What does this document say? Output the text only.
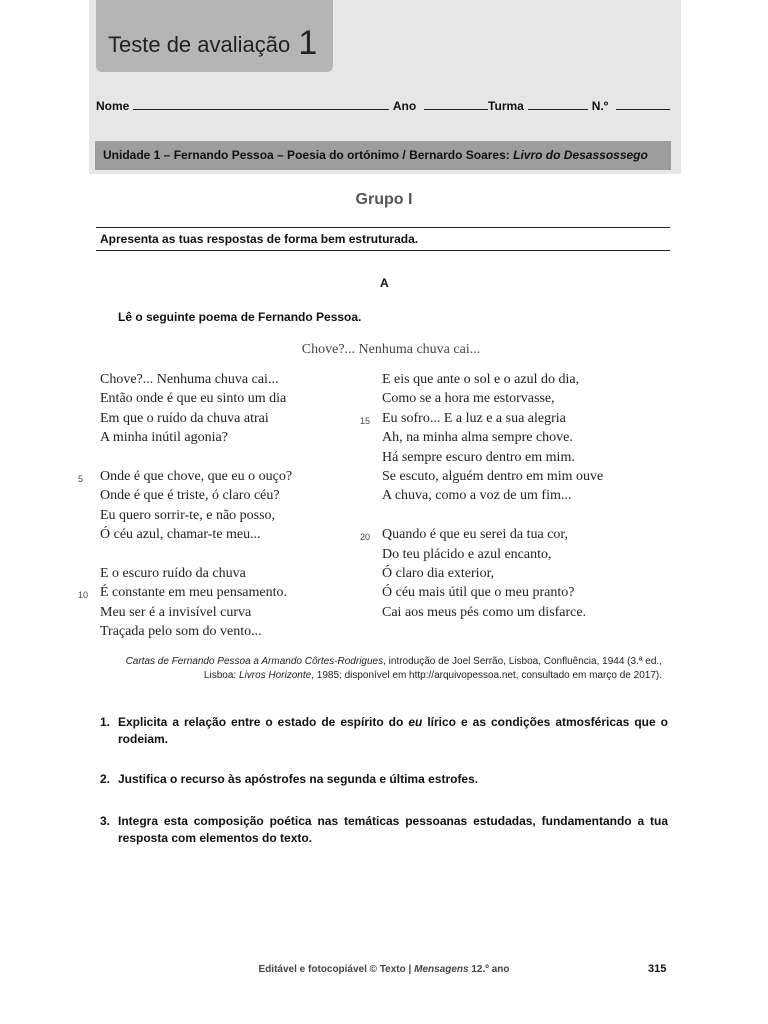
Teste de avaliação 1
Nome	Ano	Turma	N.º
Unidade 1 – Fernando Pessoa – Poesia do ortónimo / Bernardo Soares: Livro do Desassossego
Grupo I
Apresenta as tuas respostas de forma bem estruturada.
A
Lê o seguinte poema de Fernando Pessoa.
Chove?... Nenhuma chuva cai...
Chove?... Nenhuma chuva cai...
Então onde é que eu sinto um dia
Em que o ruído da chuva atrai
A minha inútil agonia?
Onde é que chove, que eu o ouço?
5
Onde é que é triste, ó claro céu?
Eu quero sorrir-te, e não posso,
Ó céu azul, chamar-te meu...
E o escuro ruído da chuva
É constante em meu pensamento.
10
Meu ser é a invisível curva
Traçada pelo som do vento...
E eis que ante o sol e o azul do dia,
Como se a hora me estorvasse,
Eu sofro... E a luz e a sua alegria
15
Ah, na minha alma sempre chove.
Há sempre escuro dentro em mim.
Se escuto, alguém dentro em mim ouve
A chuva, como a voz de um fim...
Quando é que eu serei da tua cor,
20
Do teu plácido e azul encanto,
Ó claro dia exterior,
Ó céu mais útil que o meu pranto?
Cai aos meus pés como um disfarce.
Cartas de Fernando Pessoa a Armando Côrtes-Rodrigues, introdução de Joel Serrão, Lisboa, Confluência, 1944 (3.ª ed.,
Lisboa: Livros Horizonte, 1985; disponível em http://arquivopessoa.net, consultado em março de 2017).
1. Explicita a relação entre o estado de espírito do eu lírico e as condições atmosféricas que o rodeiam.
2. Justifica o recurso às apóstrofes na segunda e última estrofes.
3. Integra esta composição poética nas temáticas pessoanas estudadas, fundamentando a tua resposta com elementos do texto.
Editável e fotocopiável © Texto | Mensagens 12.º ano	315
